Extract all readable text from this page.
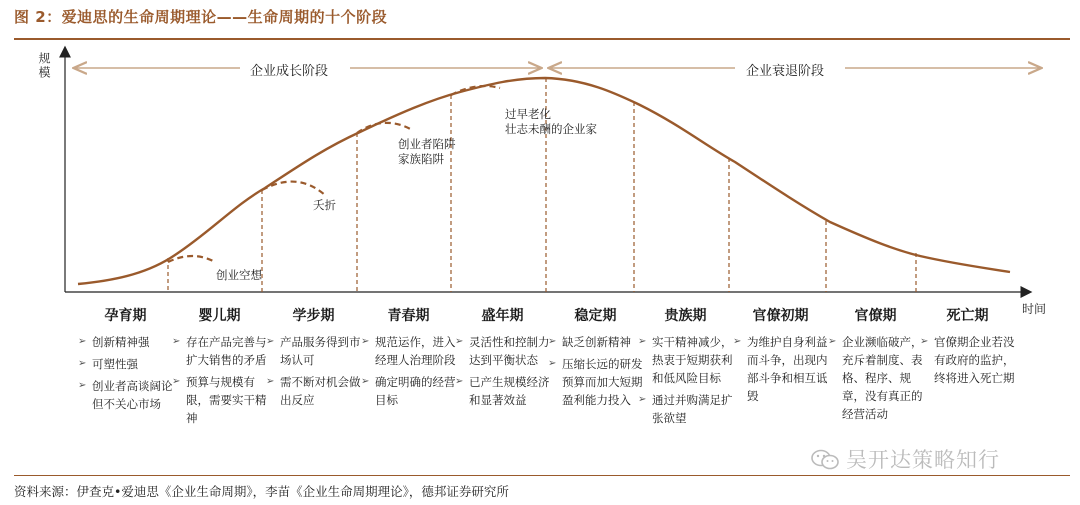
图 2：爱迪思的生命周期理论——生命周期的十个阶段
规模
时间
企业成长阶段	企业衰退阶段
创业空想
夭折
创业者陷阱
家族陷阱
过早老化
壮志未酬的企业家
孕育期
➢ 创新精神强
➢ 可塑性强
➢ 创业者高谈阔论但不关心市场
婴儿期
➢ 存在产品完善与扩大销售的矛盾
➢ 预算与规模有限，需要实干精神
学步期
➢ 产品服务得到市场认可
➢ 需不断对机会做出反应
青春期
➢ 规范运作，进入经理人治理阶段
➢ 确定明确的经营目标
盛年期
➢ 灵活性和控制力达到平衡状态
➢ 已产生规模经济和显著效益
稳定期
➢ 缺乏创新精神
➢ 压缩长远的研发预算而加大短期盈利能力投入
贵族期
➢ 实干精神减少，热衷于短期获利和低风险目标
➢ 通过并购满足扩张欲望
官僚初期
➢ 为维护自身利益而斗争，出现内部斗争和相互诋毁
官僚期
➢ 企业濒临破产，充斥着制度、表格、程序、规章，没有真正的经营活动
死亡期
➢ 官僚期企业若没有政府的监护，终将进入死亡期
吴开达策略知行
资料来源：伊查克•爱迪思《企业生命周期》，李苗《企业生命周期理论》，德邦证券研究所
